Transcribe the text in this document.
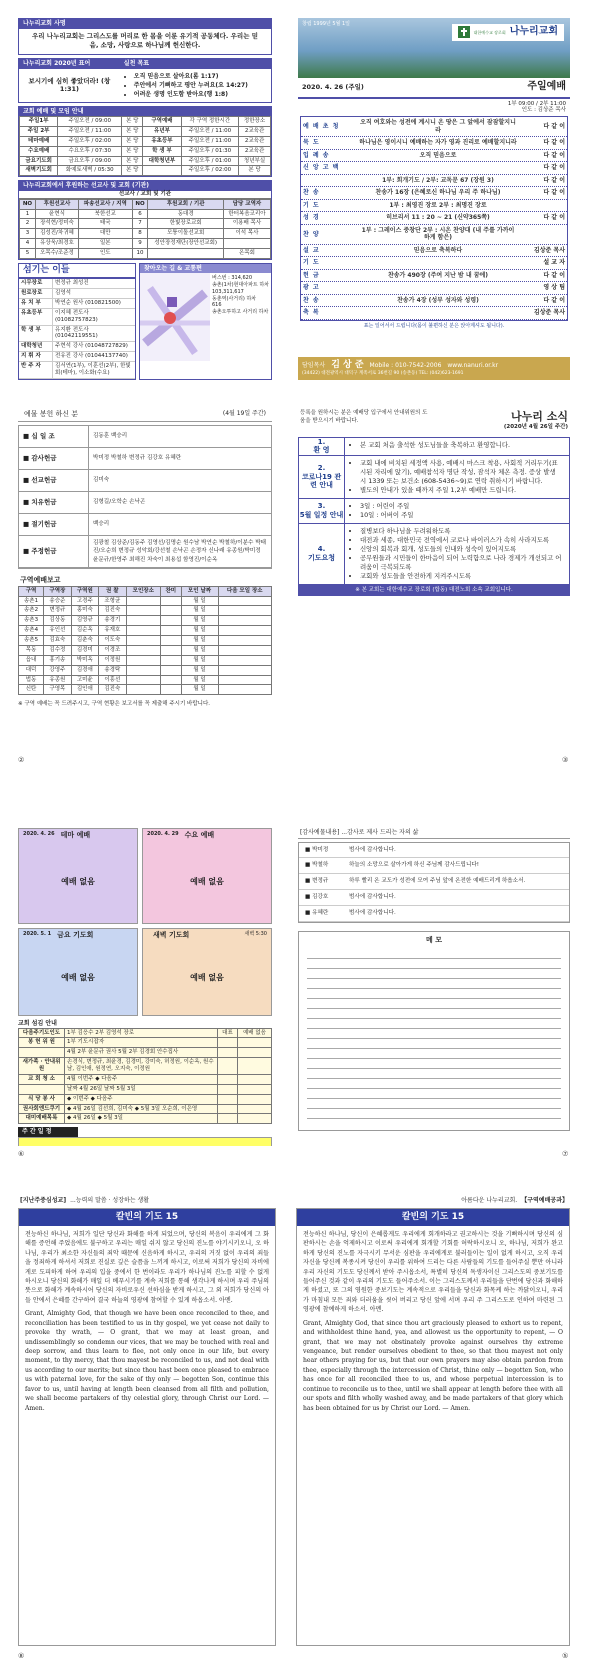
나누리교회 사명
우리 나누리교회는 그리스도를 머리로 한 몸을 이룬 유기적 공동체다. 우리는 믿음, 소망, 사랑으로 하나님께 헌신한다.
나누리교회 2020년 표어	실천 목표
보시기에 심히 좋았더라! (창 1:31)
• 오직 믿음으로 살아요(롬 1:17)
• 주안에서 기뻐하고 평안 누려요(요 14:27)
• 어려운 생명 인도함 받아요(행 1:8)
교회 예배 및 모임 안내
주일1부	주일오전 / 09:00	본 당	구역예배	각 구역 정한시간	정한장소
주일 2부	주일오전 / 11:00	본 당	유년부	주일오전 / 11:00	2교육관
테마예배	주일오후 / 02:00	본 당	유초등부	주일오전 / 11:00	2교육관
수요예배	수요오후 / 07:30	본 당	학 생 부	주일오후 / 01:30	2교육관
금요기도회	금요오후 / 09:00	본 당	대학청년부	주일오후 / 01:00	청년부실
새벽기도회	화예토새벽 / 05:30	본 당		주일오후 / 02:00	본 당
나누리교회에서 후원하는 선교사 및 교회 (기관)
선교사 / 교회 및 기관
NO	후원선교사	파송선교사 / 지역	NO	후원교회 / 기관	담당 교역자
1	윤현식	북한선교	6	동대경	한터복음코리아
2	장석현/정미숙	태국	7	한빛장로교회	이용배 목사
3	김성진/차귀혜	대만	8	모퉁이돌선교회	이석 목사
4	유상욱/최경호	일본	9	성안장정재단(장안선교회)	
5	오목수/조준정	인도	10		온목회
섬기는 이들
시무장로	변정규 최성진
원로장로	김영석
유 치 부	박연순 원사 (010821500)
유초등부	이지혜 전도사 (01082757823)
학 생 부	유지환 전도사 (01042119551)
대학청년	주현석 강사 (01048727829)
지 휘 자	전유진 강사 (01044137740)
반 주 자	김서연(1부), 이훈선(2부), 한빛회(테마), 이소화(수요)
찾아오는 길 & 교통편
버스번 : 314,620
송촌(1차)현대아파트 하차
103,311,617
동춘역(사거리) 하차
616
송촌오투하고 사거리 하차
창립 1999년 5월 1일
대한예수교 장로회 나누리교회
2020. 4. 26 (주일)	주일예배
1부 09:00 / 2부 11:00
인도 : 김상준 목사
예 배 초 청
오직 여호와는 성전에 계시니 온 땅은 그 앞에서 잠잠할지니라
다 같 이
묵 도	하나님은 영이시니 예배하는 자가 영과 진리로 예배할지니라	다 같 이
입 례 송	오직 믿음으로	다 같 이
신 앙 고 백	다 같 이
1부: 회개기도 / 2부: 교독문 67 (장원 3)	다 같 이
찬 송	찬송가 16장 (은혜로신 하나님 우리 주 하나님)	다 같 이
기 도	1부 : 최영진 장로 2부 : 최명진 장로
성 경	히브리서 11 : 20 ~ 21 (신약365쪽)	다 같 이
찬 양
1부 : 그레이스 중창단 2부 : 시온 찬양대 (내 주를 가까이 하게 함은)
설 교	믿음으로 축복하다	김상준 목사
기 도	설 교 자
헌 금	찬송가 490장 (주여 지난 밤 내 꿈에)	다 같 이
광 고	영 상 팀
찬 송	찬송가 4장 (성부 성자와 성령)	다 같 이
축 복	김상준 목사
표는 일어서서 드립니다(몸이 불편하신 분은 앉아계셔도 됩니다).
담임목사 김 상 준 Mobile : 010-7542-2006 www.nanuri.or.kr
(34422) 대전광역시 대덕구 계족서로 36번길 90 (송촌동) TEL: (042)623-1691
예물 봉헌 하신 분	(4월 19일 주간)
■ 십 일 조	김동훈 백승리
■ 감사헌금	박미정 박철하 변정규 김강호 유혜란
■ 선교헌금	김미숙
■ 치유헌금	김형길/오학순 손낙곤
■ 절기헌금	백승리
■ 주정헌금
김광철 김상준/김동주 김영선/김명순 원수남 박연순 박철하/이분수 박태진/오순희 변정규 성악회/강선철 손낙곤 손정자 신나래 유종원/박미정 윤문규/한영주 최해진 차숙이 최용섭 함영진/이순옥
구역예배보고
구역	구역장	구역원	권 찰	모인장소	찬미	모인 날짜	다음 모일 장소
송촌1	송승준	고경주	조형균			월 일	
송촌2	변정규	홍미숙	김진숙			월 일	
송촌3	김상동	김영규	송경기			월 일	
송촌4	유인선	김순옥	유재호			월 일	
송촌5	김효숙	김춘숙	이도숙			월 일	
목동	김수정	김경미	이경조			월 일	
읍내	홍기송	박미옥	이정원			월 일	
대덕	강영주	김경애	송경탁			월 일	
법동	유종원	고미윤	이흥선			월 일	
신탄	구영목	김인애	김진숙			월 일	
※ 구역 예배는 꼭 드려주시고, 구역 현황은 보고서를 꼭 제출해 주시기 바랍니다.
②
등록을 원하시는 분은 예배당 입구에서 안내위원의 도움을 받으시기 바랍니다.	나누리 소식
(2020년 4월 26일 주간)
1.
환 영
• 본 교회 처음 출석한 성도님들을 축복하고 환영합니다.
2.
코로나19 관련 안내
• 교회 내에 비치된 세정액 사용, 예배시 마스크 착용, 사회적 거리두기(표시된 자리에 앉기), 예배참석자 명단 작성, 잠석자 체온 측정. 증상 발생 시 1339 또는 보건소 (608-5436~9)로 연락 취하시기 바랍니다.
• 별도의 안내가 있을 때까지 주일 1,2부 예배만 드립니다.
3.
5월 일정 안내
• 3일 : 어린이 주일
• 10일 : 어버이 주일
4.
기도요청
• 질병보다 하나님을 두려워하도록
• 대전과 세종, 대한민국 전역에서 코로나 바이러스가 속히 사라지도록
• 신앙의 회복과 회개, 성도들의 인내와 성숙이 있어지도록
• 공무원들과 시민들이 한마음이 되어 노력함으로 나라 경제가 개선되고 어려움이 극복되도록
• 교회와 성도들을 안전하게 지켜주시도록
※ 본 교회는 대한예수교 장로회 (합동) 대전노회 소속 교회입니다.
③
2020. 4. 26 테마 예배
예배 없음
2020. 4. 29 수요 예배
예배 없음
2020. 5. 1 금요 기도회
예배 없음
새벽 기도회	새벽 5:30
예배 없음
교회 섬김 안내
다음주기도인도	1부 김응수 2부 김영석 장로	대표	예배 없음
봉 헌 위 원	1부 기도시잡자		
	4월 2부 윤문규 권사 5월 2부 김경회 안수집사		
새가족 · 안내위원	손경식, 변정규, 최윤경, 김경미, 강미숙, 허정원, 이순옥, 원수남, 김인애, 원정연, 오지숙, 이정원		
교 회 청 소	4월 이번주 ◆ 다음주		
	날짜 4월 26일 날짜 5월 3일		
식 당 봉 사	◆ 이번주 ◆ 다음주		
권사회엔드쿠기	◆ 4월 26일 김선희, 김미숙 ◆ 5월 3일 오순희, 이은영		
대미예배목록	◆ 4월 26일 ◆ 5월 3일		
주 간 일 정
⑥
[감사예물내용] ...감사로 제사 드리는 자의 삶
■ 박미정	범사에 감사합니다.
■ 박철하	하늘의 소망으로 살아가게 하신 주님께 감사드립니다!
■ 변정규	하루 빨리 온 교도가 성전에 모여 주님 앞에 온전한 예배드리게 하옵소서.
■ 김강호	범사에 감사합니다.
■ 유혜란	범사에 감사합니다.
메 모
⑦
[지난주중심성교] ...능력의 말씀 · 성장하는 생활
칼빈의 기도 15
전능하신 하나님, 저희가 일단 당신과 화해를 하게 되었으며, 당신의 복음이 우리에게 그 화해를 증언해 주었음에도 불구하고 우리는 매일 쉬지 않고 당신의 진노를 야기시키오니, 오 하나님, 우리가 최소한 자신들의 죄악 때문에 신음하게 하시고, 우리의 거짓 없이 우리의 죄들을 정죄하게 하셔서 저희로 진실로 깊은 슬픔을 느끼게 하시고, 이로써 저희가 당신의 자비에게로 도피하게 하여 우리의 입을 중에서 한 번이라도 우리가 하나님의 진노를 피할 수 없게 하시오니 당신의 화해가 매일 더 베푸시기를 계속 저희를 통해 생각나게 하시며 우리 주님의 뜻으로 화해가 계속하시어 당신의 자비로우신 선하심을 받게 하시고, 그 외 저희가 당신의 아들 안에서 은혜를 간구하여 결국 하늘의 영광에 참여할 수 있게 하옵소서. 아멘.
Grant, Almighty God, that though we have been once reconciled to thee, and reconciliation has been testified to us in thy gospel, we yet cease not daily to provoke thy wrath, — O grant, that we may at least groan, and undissemblingly so condemn our vices, that we may be touched with real and deep sorrow, and thus learn to flee, not only once in our life, but every moment, to thy mercy, that thou mayest be reconciled to us, and not deal with us according to our merits; but since thou hast been once pleased to embrace us with paternal love, for the sake of thy only — begotten Son, continue this favor to us, until having at length been cleansed from all filth and pollution, we shall become partakers of thy celestial glory, through Christ our Lord. — Amen.
⑧
아름다운 나누리교회. 【구역예배공과】
칼빈의 기도 15
전능하신 하나님, 당신이 은혜롭게도 우리에게 회개하라고 권고하시는 것을 기뻐하시며 당신의 심판하시는 손을 억제하시고 이로써 우리에게 회개할 기회를 허락하시오니 오, 하나님, 저희가 완고하게 당신의 진노를 자극시키 무서운 심판을 우리에게로 불러들이는 일이 없게 하시고, 오직 우리 자신을 당신께 복종시켜 당신이 우리를 위하여 드리는 다른 사람들의 기도를 들어주실 뿐만 아니라 우리 자신의 기도도 당신께서 받아 주시옵소서, 특별히 당신의 독생자이신 그리스도의 중보기도를 들어주신 것과 같이 우리의 기도도 들어주소서. 이는 그리스도께서 우리들을 단번에 당신과 화해하게 하셨고, 또 그의 영원한 중보기도는 계속적으로 우리들을 당신과 화목케 하는 까닭이오니, 우리가 마침내 모든 죄와 더러움을 씻어 버리고 당신 앞에 서며 우리 주 그리스도로 인하여 마련된 그 영광에 참예하게 하소서. 아멘.
Grant, Almighty God, that since thou art graciously pleased to exhort us to repent, and withholdest thine hand, yea, and allowest us the opportunity to repent, — O grant, that we may not obstinately provoke against ourselves thy extreme vengeance, but render ourselves obedient to thee, so that thou mayest not only hear others praying for us, but that our own prayers may also obtain pardon from thee, especially through the intercession of Christ, thine only — begotten Son, who has once for all reconciled thee to us, and whose perpetual intercession is to continue to reconcile us to thee, until we shall appear at length before thee with all our spots and filth wholly washed away, and be made partakers of that glory which has been obtained for us by Christ our Lord. — Amen.
⑤
